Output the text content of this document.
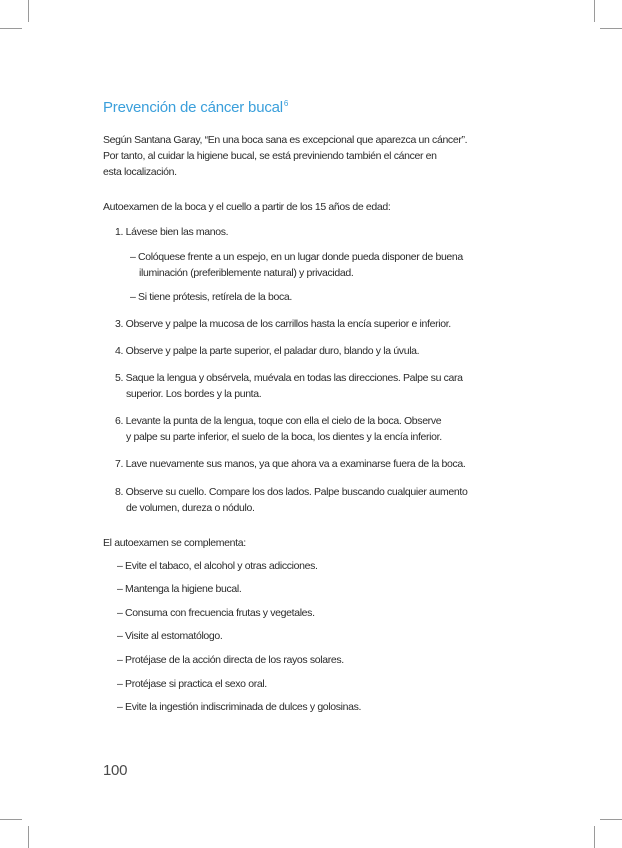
Prevención de cáncer bucal$^6$

Según Santana Garay, “En una boca sana es excepcional que aparezca un cáncer”.
Por tanto, al cuidar la higiene bucal, se está previniendo también el cáncer en
esta localización.

Autoexamen de la boca y el cuello a partir de los 15 años de edad:

1. Lávese bien las manos.
– Colóquese frente a un espejo, en un lugar donde pueda disponer de buena
iluminación (preferiblemente natural) y privacidad.
– Si tiene prótesis, retírela de la boca.
3. Observe y palpe la mucosa de los carrillos hasta la encía superior e inferior.
4. Observe y palpe la parte superior, el paladar duro, blando y la úvula.
5. Saque la lengua y obsérvela, muévala en todas las direcciones. Palpe su cara
superior. Los bordes y la punta.
6. Levante la punta de la lengua, toque con ella el cielo de la boca. Observe
y palpe su parte inferior, el suelo de la boca, los dientes y la encía inferior.
7. Lave nuevamente sus manos, ya que ahora va a examinarse fuera de la boca.
8. Observe su cuello. Compare los dos lados. Palpe buscando cualquier aumento
de volumen, dureza o nódulo.

El autoexamen se complementa:

– Evite el tabaco, el alcohol y otras adicciones.
– Mantenga la higiene bucal.
– Consuma con frecuencia frutas y vegetales.
– Visite al estomatólogo.
– Protéjase de la acción directa de los rayos solares.
– Protéjase si practica el sexo oral.
– Evite la ingestión indiscriminada de dulces y golosinas.
100
